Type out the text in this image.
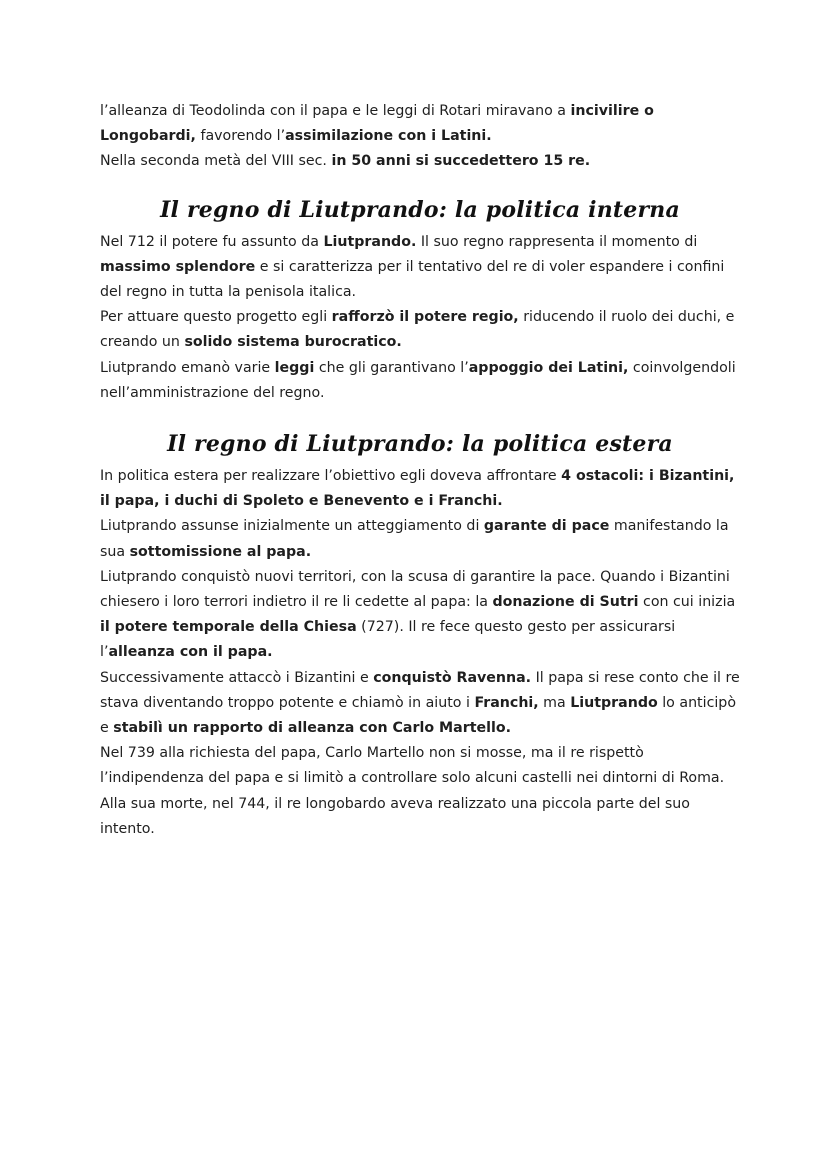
l’alleanza di Teodolinda con il papa e le leggi di Rotari miravano a incivilire o Longobardi, favorendo l’assimilazione con i Latini.

Nella seconda metà del VIII sec. in 50 anni si succedettero 15 re.

Il regno di Liutprando: la politica interna

Nel 712 il potere fu assunto da Liutprando. Il suo regno rappresenta il momento di massimo splendore e si caratterizza per il tentativo del re di voler espandere i confini del regno in tutta la penisola italica.

Per attuare questo progetto egli rafforzò il potere regio, riducendo il ruolo dei duchi, e creando un solido sistema burocratico.

Liutprando emanò varie leggi che gli garantivano l’appoggio dei Latini, coinvolgendoli nell’amministrazione del regno.

Il regno di Liutprando: la politica estera

In politica estera per realizzare l’obiettivo egli doveva affrontare 4 ostacoli: i Bizantini, il papa, i duchi di Spoleto e Benevento e i Franchi.

Liutprando assunse inizialmente un atteggiamento di garante di pace manifestando la sua sottomissione al papa.

Liutprando conquistò nuovi territori, con la scusa di garantire la pace. Quando i Bizantini chiesero i loro terrori indietro il re li cedette al papa: la donazione di Sutri con cui inizia il potere temporale della Chiesa (727). Il re fece questo gesto per assicurarsi l’alleanza con il papa.

Successivamente attaccò i Bizantini e conquistò Ravenna. Il papa si rese conto che il re stava diventando troppo potente e chiamò in aiuto i Franchi, ma Liutprando lo anticipò e stabilì un rapporto di alleanza con Carlo Martello.

Nel 739 alla richiesta del papa, Carlo Martello non si mosse, ma il re rispettò l’indipendenza del papa e si limitò a controllare solo alcuni castelli nei dintorni di Roma.

Alla sua morte, nel 744, il re longobardo aveva realizzato una piccola parte del suo intento.
